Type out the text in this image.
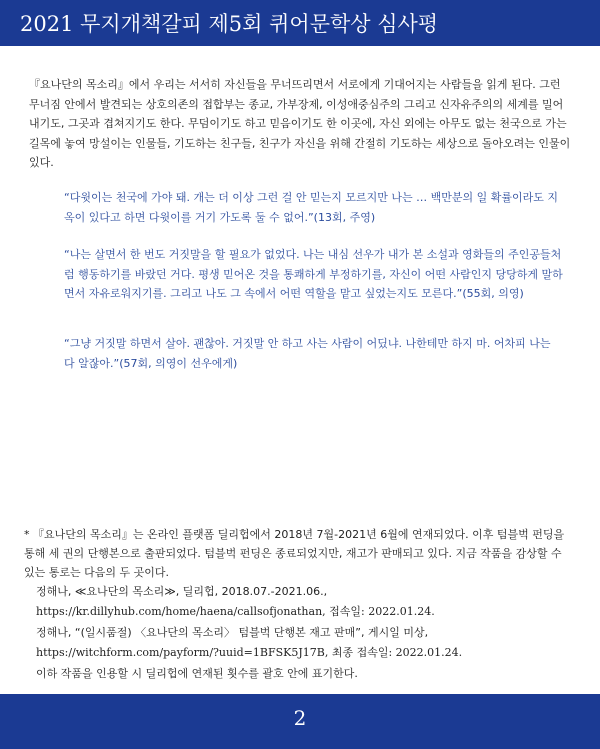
2021 무지개책갈피 제5회 퀴어문학상 심사평

『요나단의 목소리』에서 우리는 서서히 자신들을 무너뜨리면서 서로에게 기대어지는 사람들을 읽게 된다. 그런 무너짐 안에서 발견되는 상호의존의 접합부는 종교, 가부장제, 이성애중심주의 그리고 신자유주의의 세계를 밀어내기도, 그곳과 겹쳐지기도 한다. 무덤이기도 하고 믿음이기도 한 이곳에, 자신 외에는 아무도 없는 천국으로 가는 길목에 놓여 망설이는 인물들, 기도하는 친구들, 친구가 자신을 위해 간절히 기도하는 세상으로 돌아오려는 인물이 있다.

“다윗이는 천국에 가야 돼. 개는 더 이상 그런 걸 안 믿는지 모르지만 나는 … 백만분의 일 확률이라도 지옥이 있다고 하면 다윗이를 거기 가도록 둘 수 없어.”(13회, 주영)

“나는 살면서 한 번도 거짓말을 할 필요가 없었다. 나는 내심 선우가 내가 본 소설과 영화들의 주인공들처럼 행동하기를 바랐던 거다. 평생 믿어온 것을 통쾌하게 부정하기를, 자신이 어떤 사람인지 당당하게 말하면서 자유로워지기를. 그리고 나도 그 속에서 어떤 역할을 맡고 싶었는지도 모른다.”(55회, 의영)

“그냥 거짓말 하면서 살아. 괜찮아. 거짓말 안 하고 사는 사람이 어딨냐. 나한테만 하지 마. 어차피 나는 다 알잖아.”(57회, 의영이 선우에게)

* 『요나단의 목소리』는 온라인 플랫폼 딜리헙에서 2018년 7월-2021년 6월에 연재되었다. 이후 텀블벅 펀딩을 통해 세 권의 단행본으로 출판되었다. 텀블벅 펀딩은 종료되었지만, 재고가 판매되고 있다. 지금 작품을 감상할 수 있는 통로는 다음의 두 곳이다.

정해나, ≪요나단의 목소리≫, 딜리헙, 2018.07.-2021.06.,
https://kr.dillyhub.com/home/haena/callsofjonathan, 접속일: 2022.01.24.
정해나, “(일시품절) 〈요나단의 목소리〉 텀블벅 단행본 재고 판매”, 게시일 미상,
https://witchform.com/payform/?uuid=1BFSK5J17B, 최종 접속일: 2022.01.24.
이하 작품을 인용할 시 딜리헙에 연재된 횟수를 괄호 안에 표기한다.
2
